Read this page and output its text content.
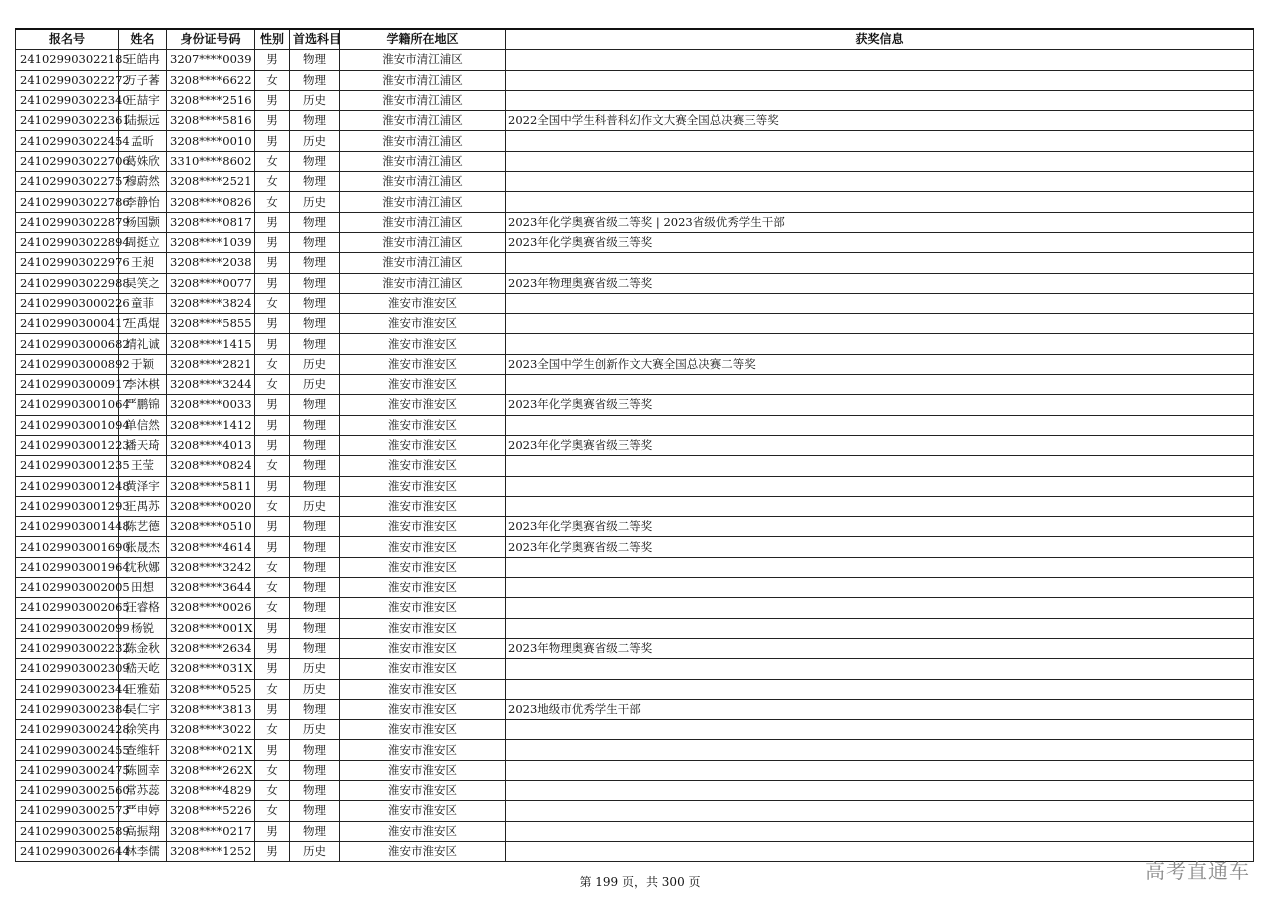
报名号	姓名	身份证号码	性别	首选科目	学籍所在地区	获奖信息
241029903022185	王皓冉	3207****0039	男	物理	淮安市清江浦区	
241029903022272	万子萫	3208****6622	女	物理	淮安市清江浦区	
241029903022340	王喆宇	3208****2516	男	历史	淮安市清江浦区	
241029903022361	陆振远	3208****5816	男	物理	淮安市清江浦区	2022全国中学生科普科幻作文大赛全国总决赛三等奖
241029903022454	孟昕	3208****0010	男	历史	淮安市清江浦区	
241029903022706	葛姝欣	3310****8602	女	物理	淮安市清江浦区	
241029903022757	穆蔚然	3208****2521	女	物理	淮安市清江浦区	
241029903022786	李静怡	3208****0826	女	历史	淮安市清江浦区	
241029903022879	杨国颢	3208****0817	男	物理	淮安市清江浦区	2023年化学奥赛省级二等奖 | 2023省级优秀学生干部
241029903022894	周挺立	3208****1039	男	物理	淮安市清江浦区	2023年化学奥赛省级三等奖
241029903022976	王昶	3208****2038	男	物理	淮安市清江浦区	
241029903022988	吴笑之	3208****0077	男	物理	淮安市清江浦区	2023年物理奥赛省级二等奖
241029903000226	童菲	3208****3824	女	物理	淮安市淮安区	
241029903000417	王禹焜	3208****5855	男	物理	淮安市淮安区	
241029903000682	靖礼诚	3208****1415	男	物理	淮安市淮安区	
241029903000892	于颖	3208****2821	女	历史	淮安市淮安区	2023全国中学生创新作文大赛全国总决赛二等奖
241029903000917	李沐棋	3208****3244	女	历史	淮安市淮安区	
241029903001064	严鹏锦	3208****0033	男	物理	淮安市淮安区	2023年化学奥赛省级三等奖
241029903001094	单信然	3208****1412	男	物理	淮安市淮安区	
241029903001223	潘天琦	3208****4013	男	物理	淮安市淮安区	2023年化学奥赛省级三等奖
241029903001235	王莹	3208****0824	女	物理	淮安市淮安区	
241029903001248	黄泽宇	3208****5811	男	物理	淮安市淮安区	
241029903001293	王禺苏	3208****0020	女	历史	淮安市淮安区	
241029903001448	陈艺德	3208****0510	男	物理	淮安市淮安区	2023年化学奥赛省级二等奖
241029903001690	张晟杰	3208****4614	男	物理	淮安市淮安区	2023年化学奥赛省级二等奖
241029903001964	沈秋娜	3208****3242	女	物理	淮安市淮安区	
241029903002005	田想	3208****3644	女	物理	淮安市淮安区	
241029903002065	汪睿格	3208****0026	女	物理	淮安市淮安区	
241029903002099	杨锐	3208****001X	男	物理	淮安市淮安区	
241029903002232	陈金秋	3208****2634	男	物理	淮安市淮安区	2023年物理奥赛省级二等奖
241029903002309	嵇天屹	3208****031X	男	历史	淮安市淮安区	
241029903002344	王雅茹	3208****0525	女	历史	淮安市淮安区	
241029903002384	吴仁宇	3208****3813	男	物理	淮安市淮安区	2023地级市优秀学生干部
241029903002428	徐笑冉	3208****3022	女	历史	淮安市淮安区	
241029903002455	查维轩	3208****021X	男	物理	淮安市淮安区	
241029903002475	陈圆幸	3208****262X	女	物理	淮安市淮安区	
241029903002560	常苏蕊	3208****4829	女	物理	淮安市淮安区	
241029903002573	严申婷	3208****5226	女	物理	淮安市淮安区	
241029903002589	高振翔	3208****0217	男	物理	淮安市淮安区	
241029903002644	林李儒	3208****1252	男	历史	淮安市淮安区	
第 199 页，共 300 页	高考直通车
